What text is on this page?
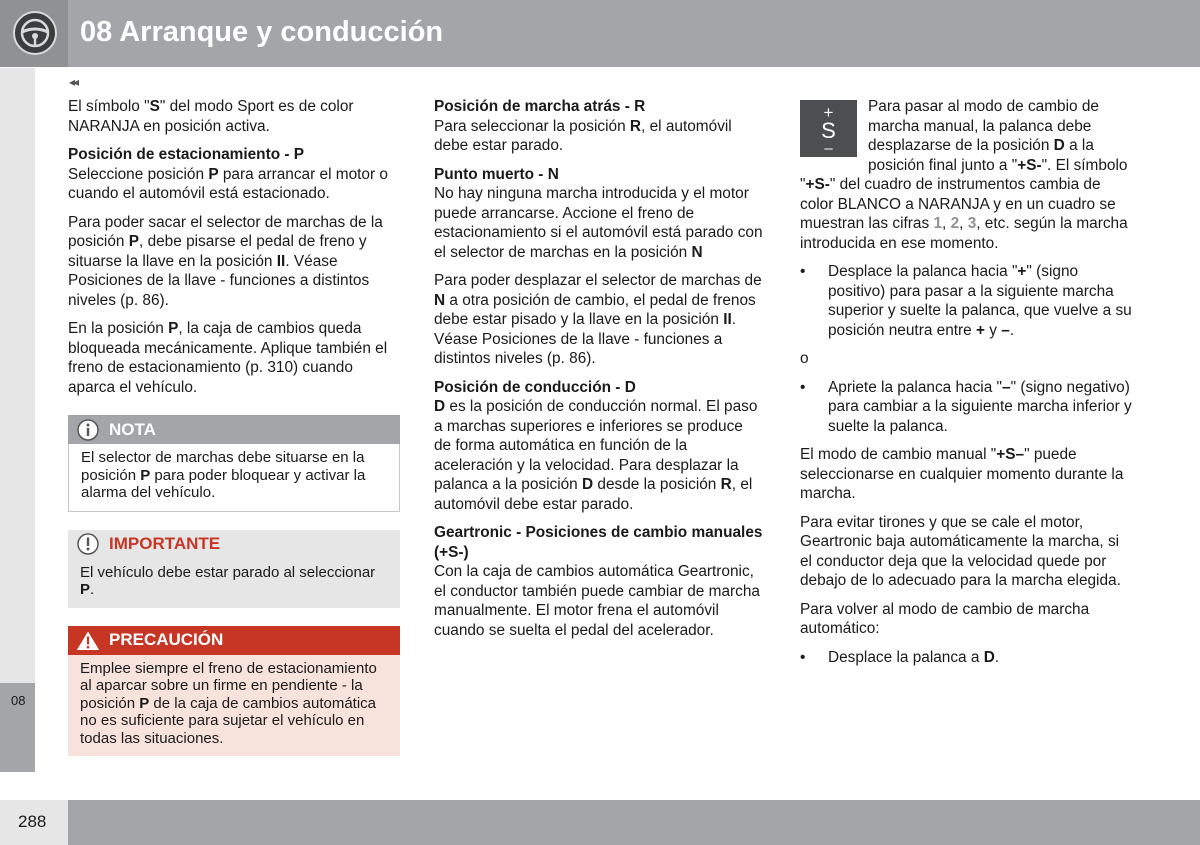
08 Arranque y conducción
◂◂
08
288

El símbolo "S" del modo Sport es de color NARANJA en posición activa.

Posición de estacionamiento - P

Seleccione posición P para arrancar el motor o cuando el automóvil está estacionado.

Para poder sacar el selector de marchas de la posición P, debe pisarse el pedal de freno y situarse la llave en la posición II. Véase Posiciones de la llave - funciones a distintos niveles (p. 86).

En la posición P, la caja de cambios queda bloqueada mecánicamente. Aplique también el freno de estacionamiento (p. 310) cuando aparca el vehículo.

NOTA
El selector de marchas debe situarse en la posición P para poder bloquear y activar la alarma del vehículo.
IMPORTANTE
El vehículo debe estar parado al seleccionar P.
PRECAUCIÓN
Emplee siempre el freno de estacionamiento al aparcar sobre un firme en pendiente - la posición P de la caja de cambios automática no es suficiente para sujetar el vehículo en todas las situaciones.
Posición de marcha atrás - R

Para seleccionar la posición R, el automóvil debe estar parado.

Punto muerto - N

No hay ninguna marcha introducida y el motor puede arrancarse. Accione el freno de estacionamiento si el automóvil está parado con el selector de marchas en la posición N

Para poder desplazar el selector de marchas de N a otra posición de cambio, el pedal de frenos debe estar pisado y la llave en la posición II. Véase Posiciones de la llave - funciones a distintos niveles (p. 86).

Posición de conducción - D

D es la posición de conducción normal. El paso a marchas superiores e inferiores se produce de forma automática en función de la aceleración y la velocidad. Para desplazar la palanca a la posición D desde la posición R, el automóvil debe estar parado.

Geartronic - Posiciones de cambio manuales (+S-)

Con la caja de cambios automática Geartronic, el conductor también puede cambiar de marcha manualmente. El motor frena el automóvil cuando se suelta el pedal del acelerador.

+
S
–
Para pasar al modo de cambio de marcha manual, la palanca debe desplazarse de la posición D a la posición final junto a "+S-". El símbolo "+S-" del cuadro de instrumentos cambia de color BLANCO a NARANJA y en un cuadro se muestran las cifras 1, 2, 3, etc. según la marcha introducida en ese momento.

• Desplace la palanca hacia "+" (signo positivo) para pasar a la siguiente marcha superior y suelte la palanca, que vuelve a su posición neutra entre + y –.

o

• Apriete la palanca hacia "–" (signo negativo) para cambiar a la siguiente marcha inferior y suelte la palanca.

El modo de cambio manual "+S–" puede seleccionarse en cualquier momento durante la marcha.

Para evitar tirones y que se cale el motor, Geartronic baja automáticamente la marcha, si el conductor deja que la velocidad quede por debajo de lo adecuado para la marcha elegida.

Para volver al modo de cambio de marcha automático:

• Desplace la palanca a D.
